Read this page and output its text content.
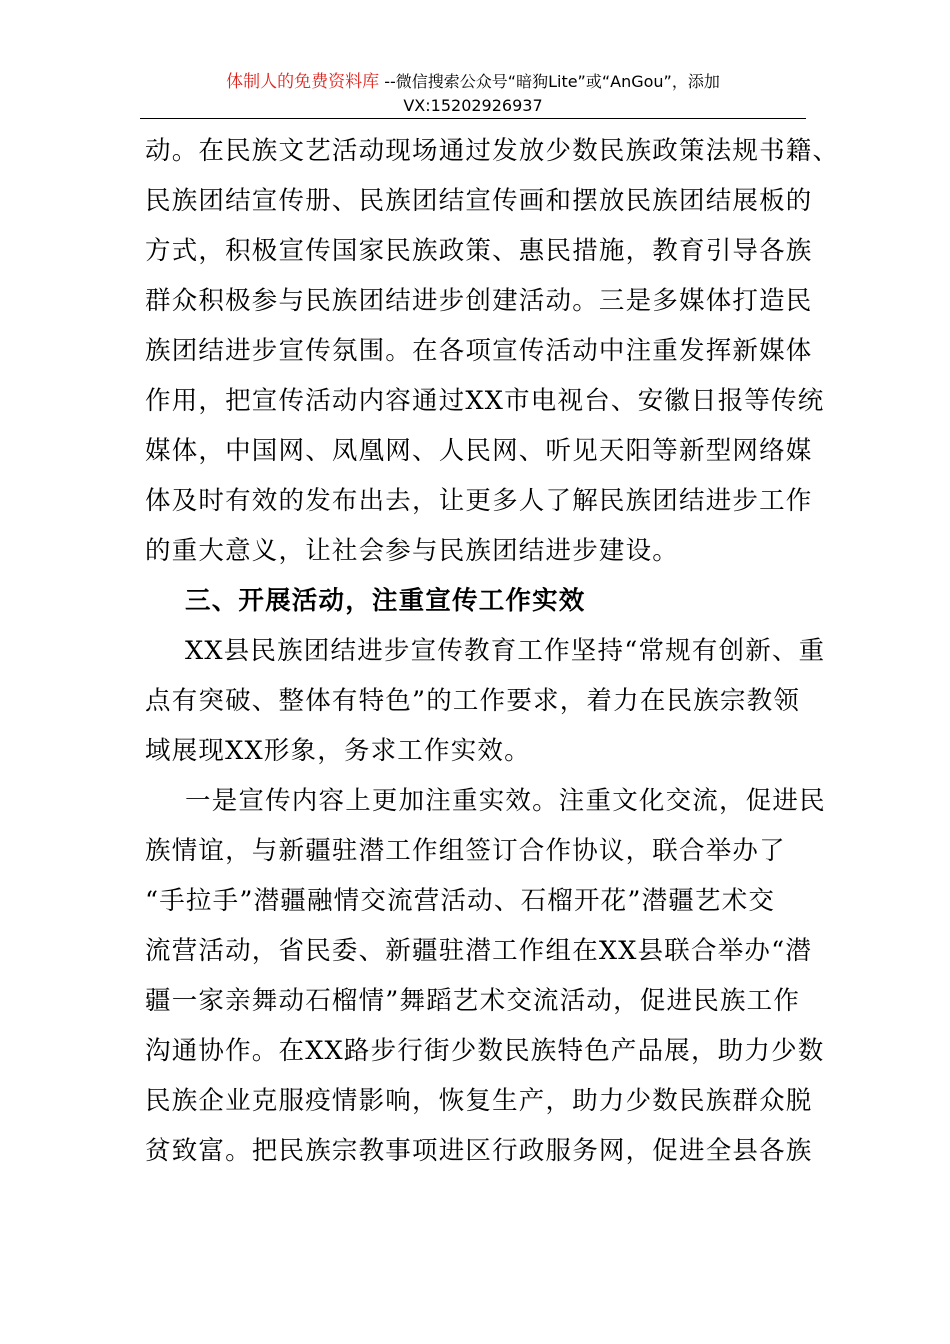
体制人的免费资料库 --微信搜索公众号“暗狗Lite”或“AnGou”，添加
VX:15202926937
动。在民族文艺活动现场通过发放少数民族政策法规书籍、
民族团结宣传册、民族团结宣传画和摆放民族团结展板的
方式，积极宣传国家民族政策、惠民措施，教育引导各族
群众积极参与民族团结进步创建活动。三是多媒体打造民
族团结进步宣传氛围。在各项宣传活动中注重发挥新媒体
作用，把宣传活动内容通过XX市电视台、安徽日报等传统
媒体，中国网、凤凰网、人民网、听见天阳等新型网络媒
体及时有效的发布出去，让更多人了解民族团结进步工作
的重大意义，让社会参与民族团结进步建设。
三、开展活动，注重宣传工作实效
XX县民族团结进步宣传教育工作坚持“常规有创新、重
点有突破、整体有特色”的工作要求，着力在民族宗教领
域展现XX形象，务求工作实效。
一是宣传内容上更加注重实效。注重文化交流，促进民
族情谊，与新疆驻潜工作组签订合作协议，联合举办了
“手拉手”潜疆融情交流营活动、石榴开花”潜疆艺术交
流营活动，省民委、新疆驻潜工作组在XX县联合举办“潜
疆一家亲舞动石榴情”舞蹈艺术交流活动，促进民族工作
沟通协作。在XX路步行街少数民族特色产品展，助力少数
民族企业克服疫情影响，恢复生产，助力少数民族群众脱
贫致富。把民族宗教事项进区行政服务网，促进全县各族
